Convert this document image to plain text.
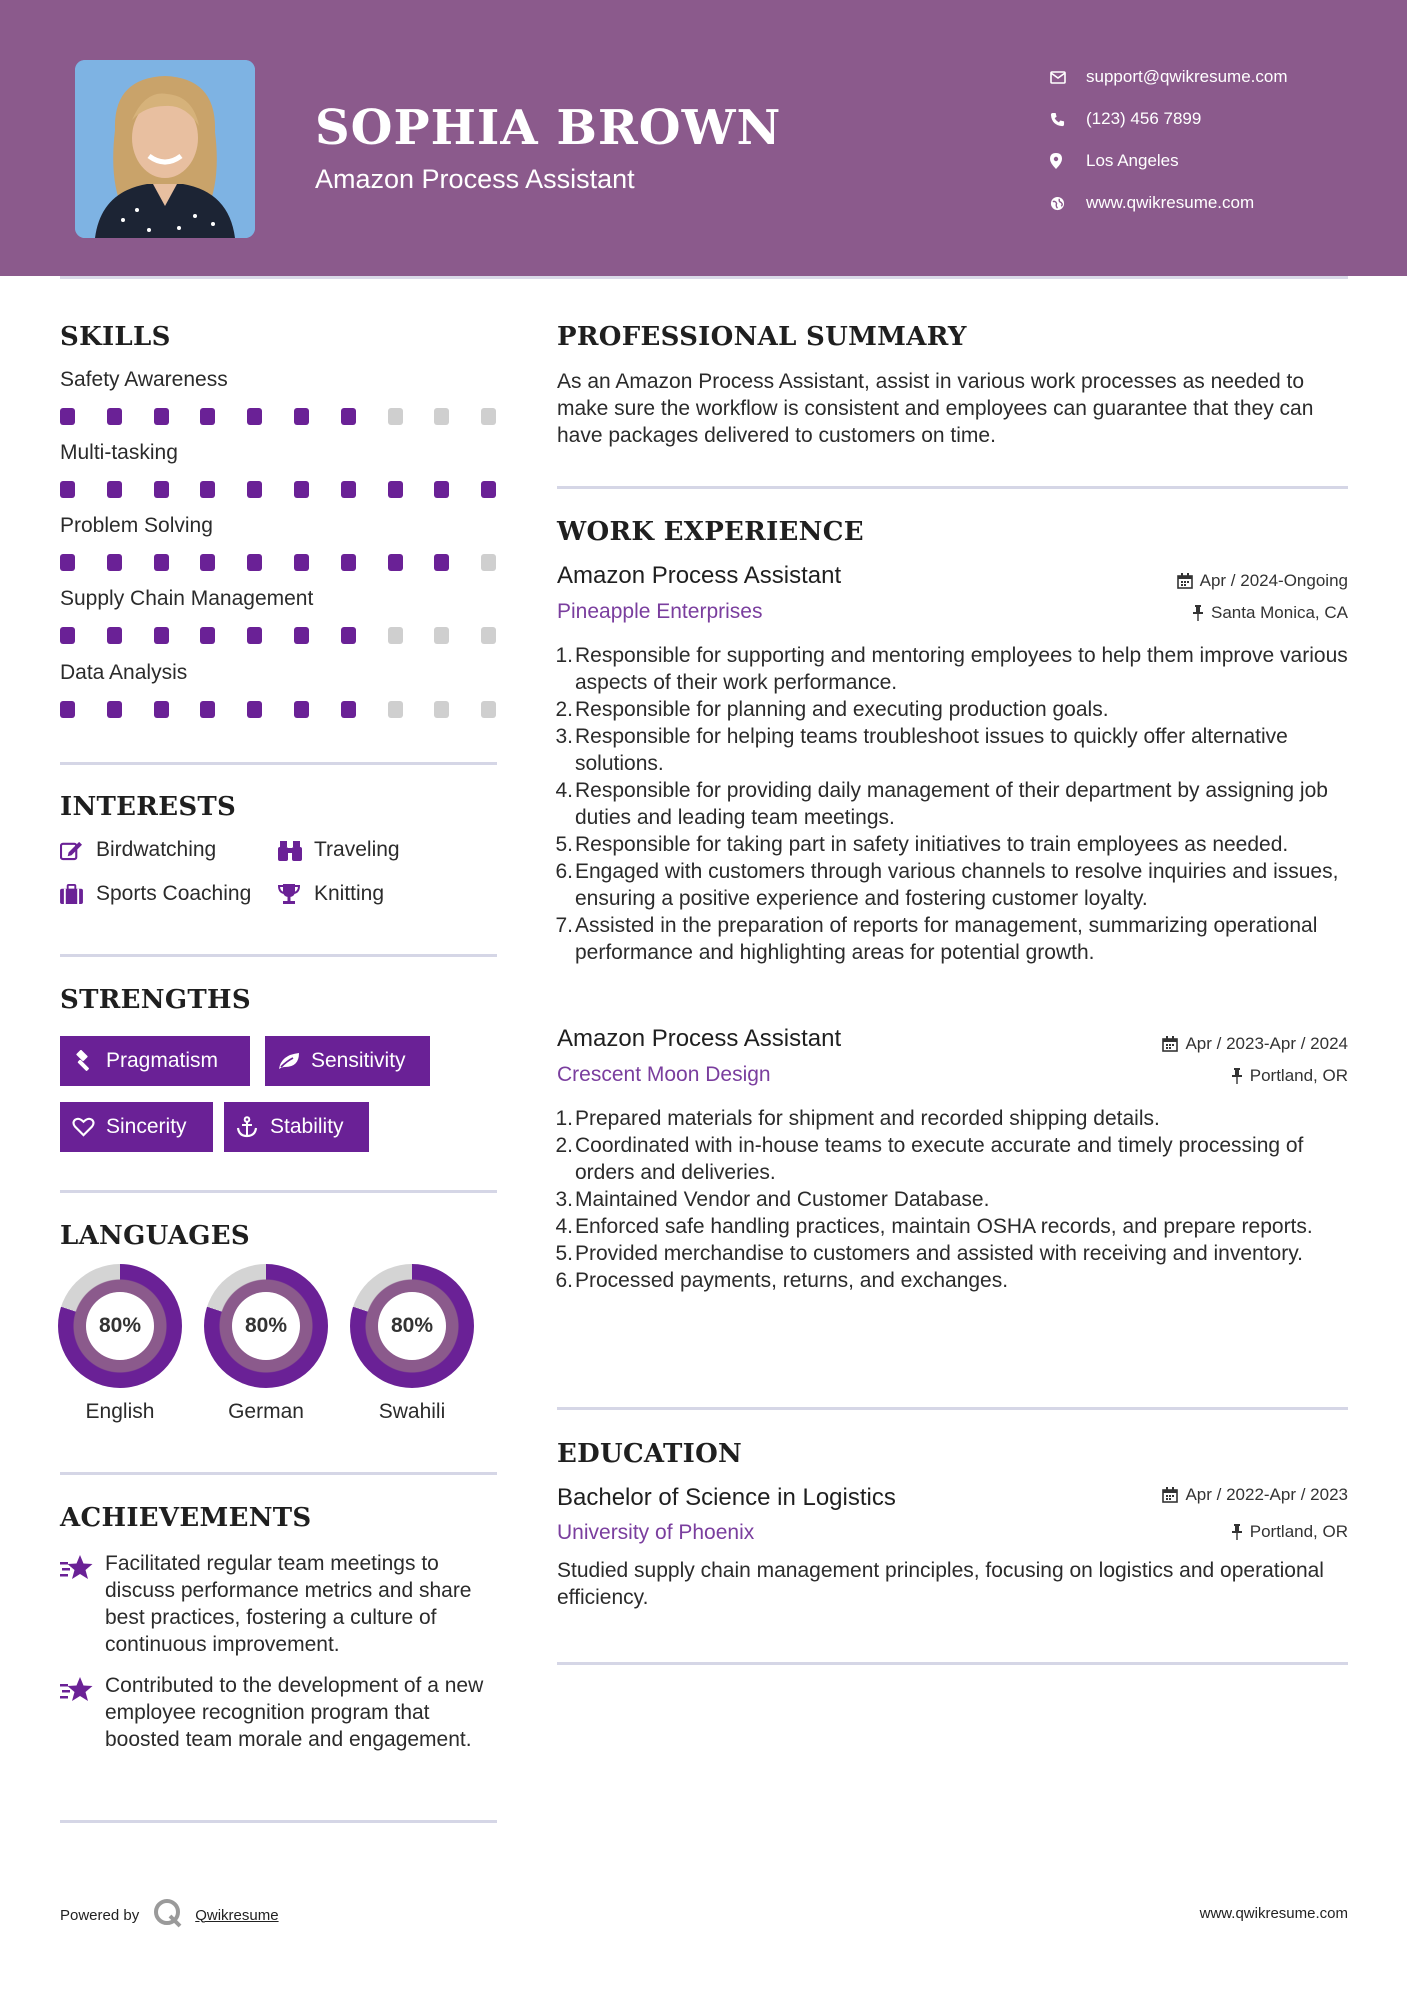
SOPHIA BROWN
Amazon Process Assistant
support@qwikresume.com
(123) 456 7899
Los Angeles
www.qwikresume.com
SKILLS
Safety Awareness
Multi-tasking
Problem Solving
Supply Chain Management
Data Analysis
INTERESTS
Birdwatching	Traveling
Sports Coaching	Knitting
STRENGTHS
Pragmatism	Sensitivity
Sincerity	Stability
LANGUAGES
80%
English
80%
German
80%
Swahili
ACHIEVEMENTS
Facilitated regular team meetings to discuss performance metrics and share best practices, fostering a culture of continuous improvement.
Contributed to the development of a new employee recognition program that boosted team morale and engagement.
PROFESSIONAL SUMMARY
As an Amazon Process Assistant, assist in various work processes as needed to make sure the workflow is consistent and employees can guarantee that they can have packages delivered to customers on time.
WORK EXPERIENCE
Amazon Process Assistant	Apr / 2024-Ongoing
Pineapple Enterprises	Santa Monica, CA
1. Responsible for supporting and mentoring employees to help them improve various aspects of their work performance.
2. Responsible for planning and executing production goals.
3. Responsible for helping teams troubleshoot issues to quickly offer alternative solutions.
4. Responsible for providing daily management of their department by assigning job duties and leading team meetings.
5. Responsible for taking part in safety initiatives to train employees as needed.
6. Engaged with customers through various channels to resolve inquiries and issues, ensuring a positive experience and fostering customer loyalty.
7. Assisted in the preparation of reports for management, summarizing operational performance and highlighting areas for potential growth.
Amazon Process Assistant	Apr / 2023-Apr / 2024
Crescent Moon Design	Portland, OR
1. Prepared materials for shipment and recorded shipping details.
2. Coordinated with in-house teams to execute accurate and timely processing of orders and deliveries.
3. Maintained Vendor and Customer Database.
4. Enforced safe handling practices, maintain OSHA records, and prepare reports.
5. Provided merchandise to customers and assisted with receiving and inventory.
6. Processed payments, returns, and exchanges.
EDUCATION
Bachelor of Science in Logistics	Apr / 2022-Apr / 2023
University of Phoenix	Portland, OR
Studied supply chain management principles, focusing on logistics and operational efficiency.
Powered by	Qwikresume	www.qwikresume.com
